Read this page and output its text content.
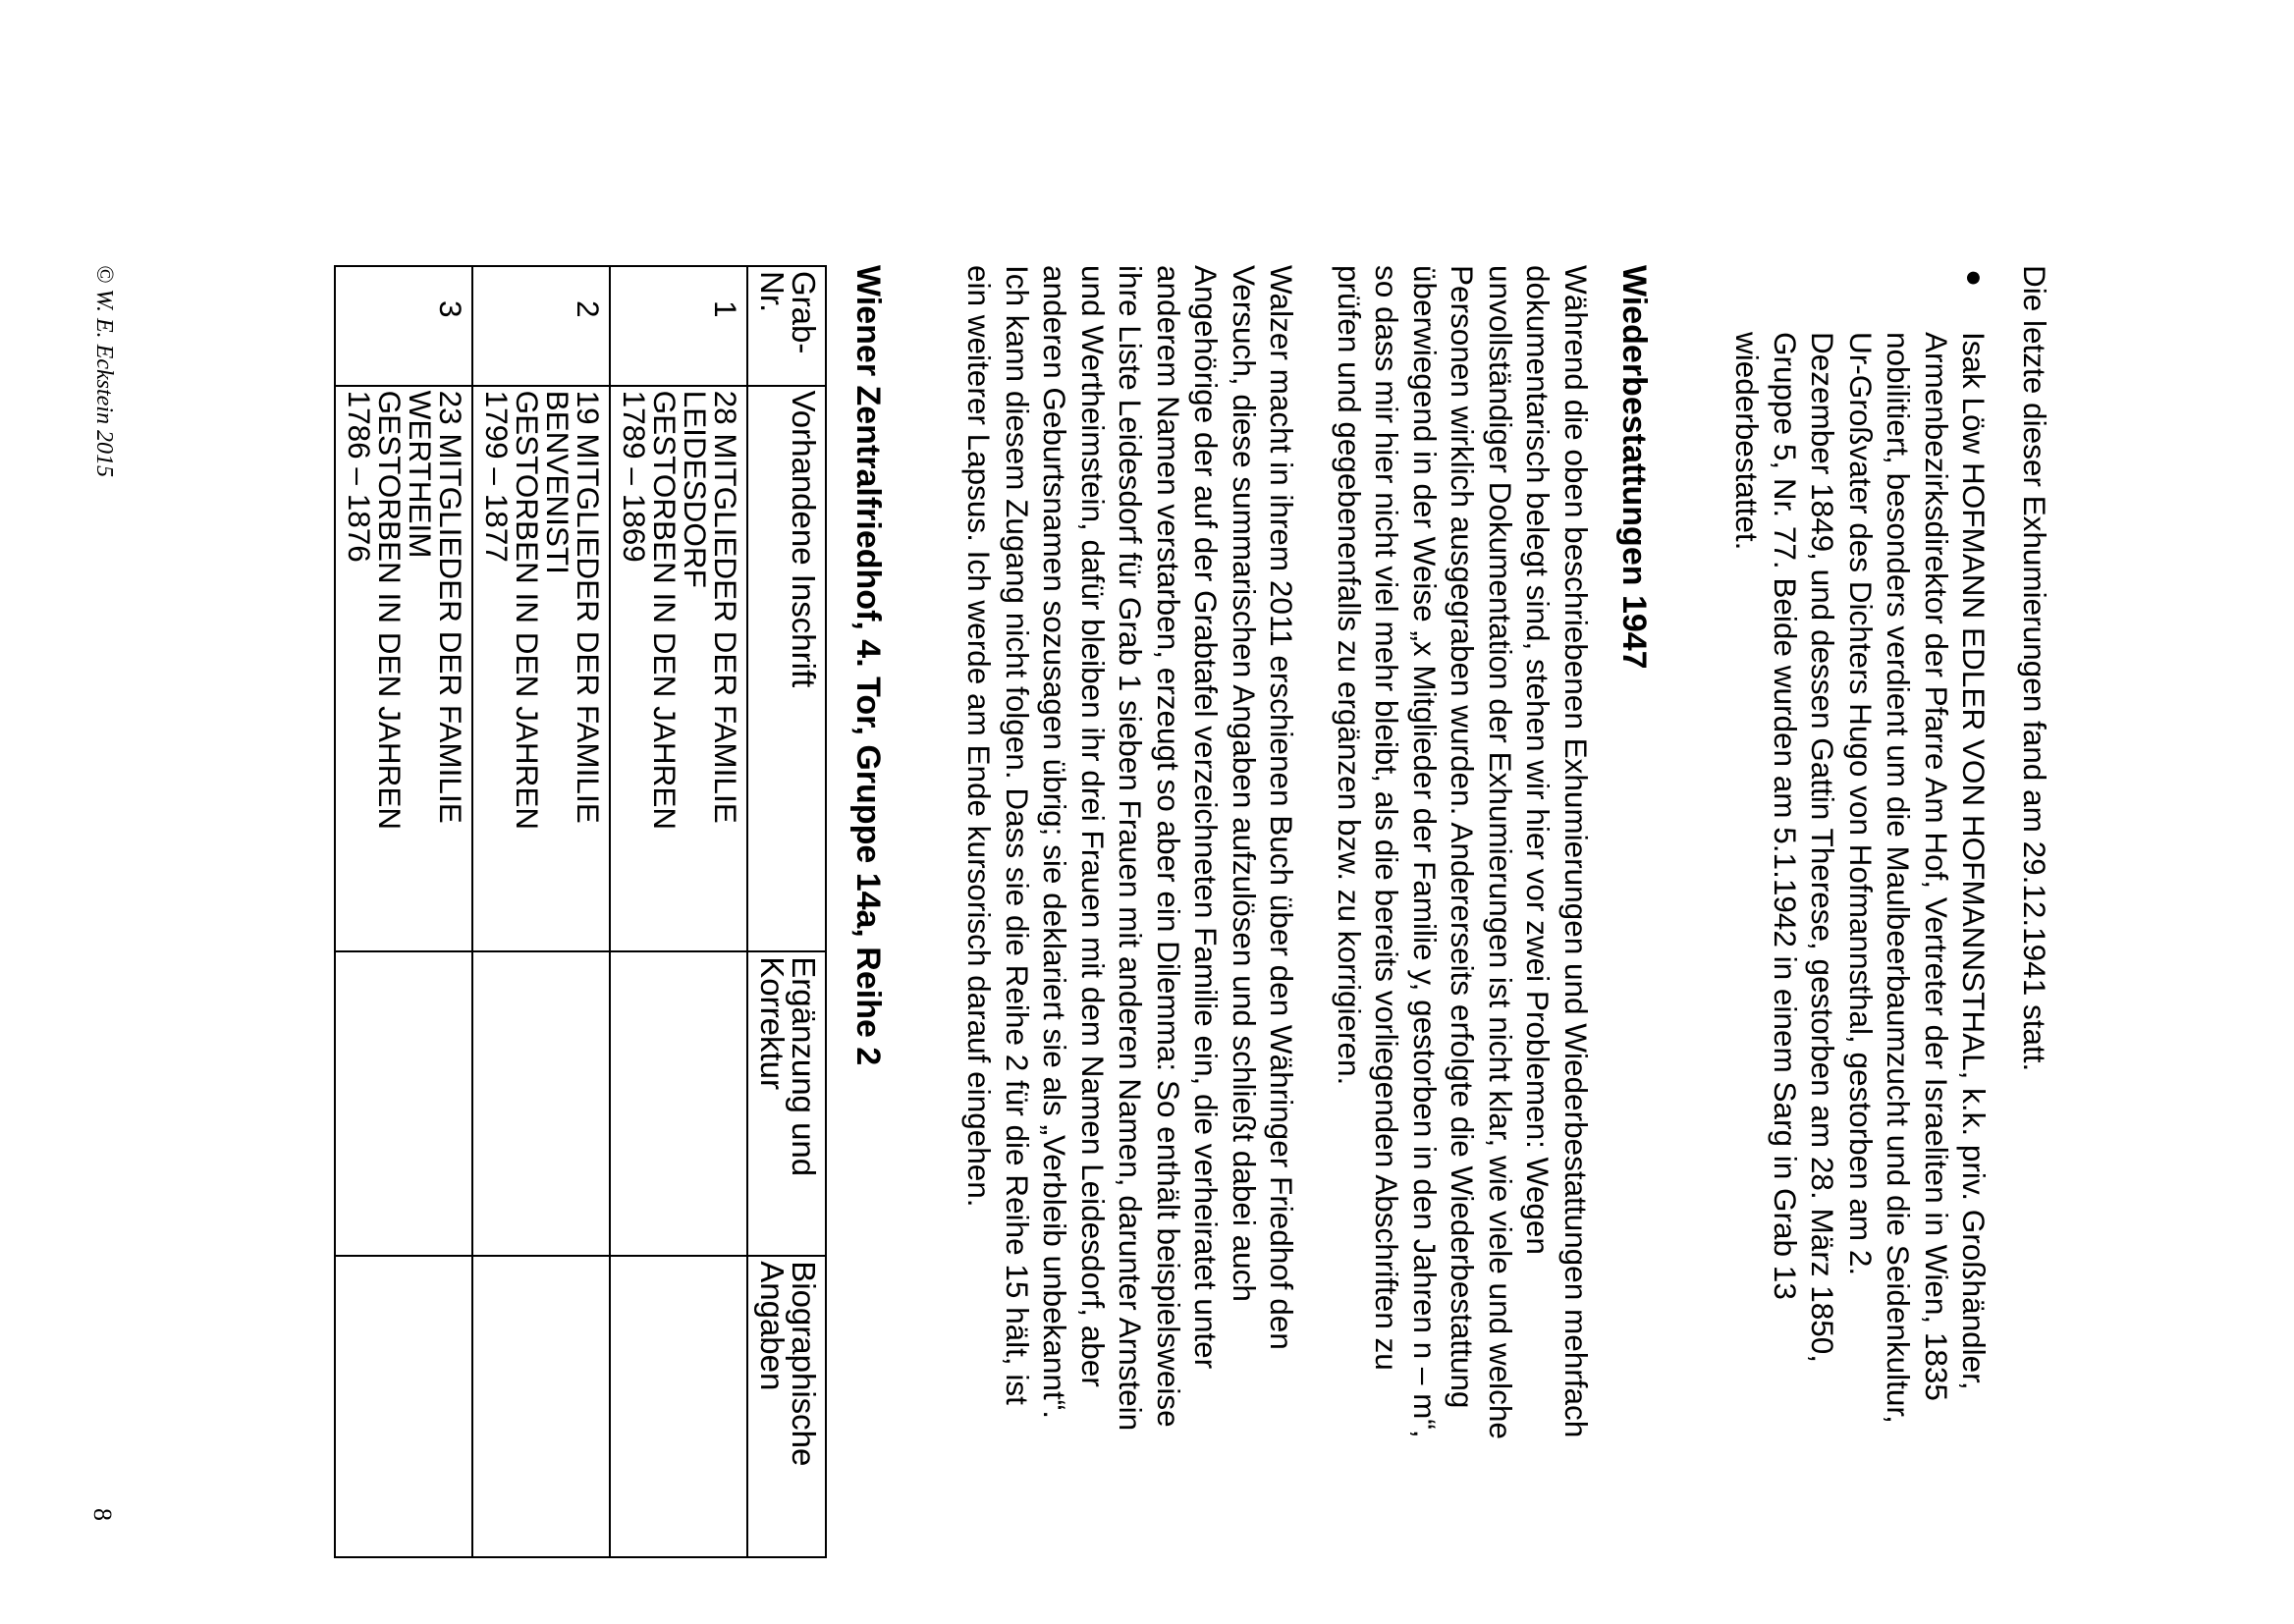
Die letzte dieser Exhumierungen fand am 29.12.1941 statt.

●
Isak Löw HOFMANN EDLER VON HOFMANNSTHAL, k.k. priv. Großhändler,
Armenbezirksdirektor der Pfarre Am Hof, Vertreter der Israeliten in Wien, 1835
nobilitiert, besonders verdient um die Maulbeerbaumzucht und die Seidenkultur,
Ur-Großvater des Dichters Hugo von Hofmannsthal, gestorben am 2.
Dezember 1849, und dessen Gattin Therese, gestorben am 28. März 1850,
Gruppe 5, Nr. 77. Beide wurden am 5.1.1942 in einem Sarg in Grab 13
wiederbestattet.
Wiederbestattungen 1947
Während die oben beschriebenen Exhumierungen und Wiederbestattungen mehrfach
dokumentarisch belegt sind, stehen wir hier vor zwei Problemen: Wegen
unvollständiger Dokumentation der Exhumierungen ist nicht klar, wie viele und welche
Personen wirklich ausgegraben wurden. Andererseits erfolgte die Wiederbestattung
überwiegend in der Weise „x Mitglieder der Familie y, gestorben in den Jahren n – m“,
so dass mir hier nicht viel mehr bleibt, als die bereits vorliegenden Abschriften zu
prüfen und gegebenenfalls zu ergänzen bzw. zu korrigieren.
Walzer macht in ihrem 2011 erschienen Buch über den Währinger Friedhof den
Versuch, diese summarischen Angaben aufzulösen und schließt dabei auch
Angehörige der auf der Grabtafel verzeichneten Familie ein, die verheiratet unter
anderem Namen verstarben, erzeugt so aber ein Dilemma: So enthält beispielsweise
ihre Liste Leidesdorf für Grab 1 sieben Frauen mit anderen Namen, darunter Arnstein
und Wertheimstein, dafür bleiben ihr drei Frauen mit dem Namen Leidesdorf, aber
anderen Geburtsnamen sozusagen übrig; sie deklariert sie als „Verbleib unbekannt“.
Ich kann diesem Zugang nicht folgen. Dass sie die Reihe 2 für die Reihe 15 hält, ist
ein weiterer Lapsus. Ich werde am Ende kursorisch darauf eingehen.
Wiener Zentralfriedhof, 4. Tor, Gruppe 14a, Reihe 2
Grab- Nr.	Vorhandene Inschrift	Ergänzung und Korrektur	Biographische Angaben
1	28 MITGLIEDER DER FAMILIE
LEIDESDORF
GESTORBEN IN DEN JAHREN
1789 – 1869		

2	19 MITGLIEDER DER FAMILIE
BENVENISTI
GESTORBEN IN DEN JAHREN
1799 – 1877		

3	23 MITGLIEDER DER FAMILIE
WERTHEIM
GESTORBEN IN DEN JAHREN
1786 – 1876		

© W. E. Eckstein 2015
8
